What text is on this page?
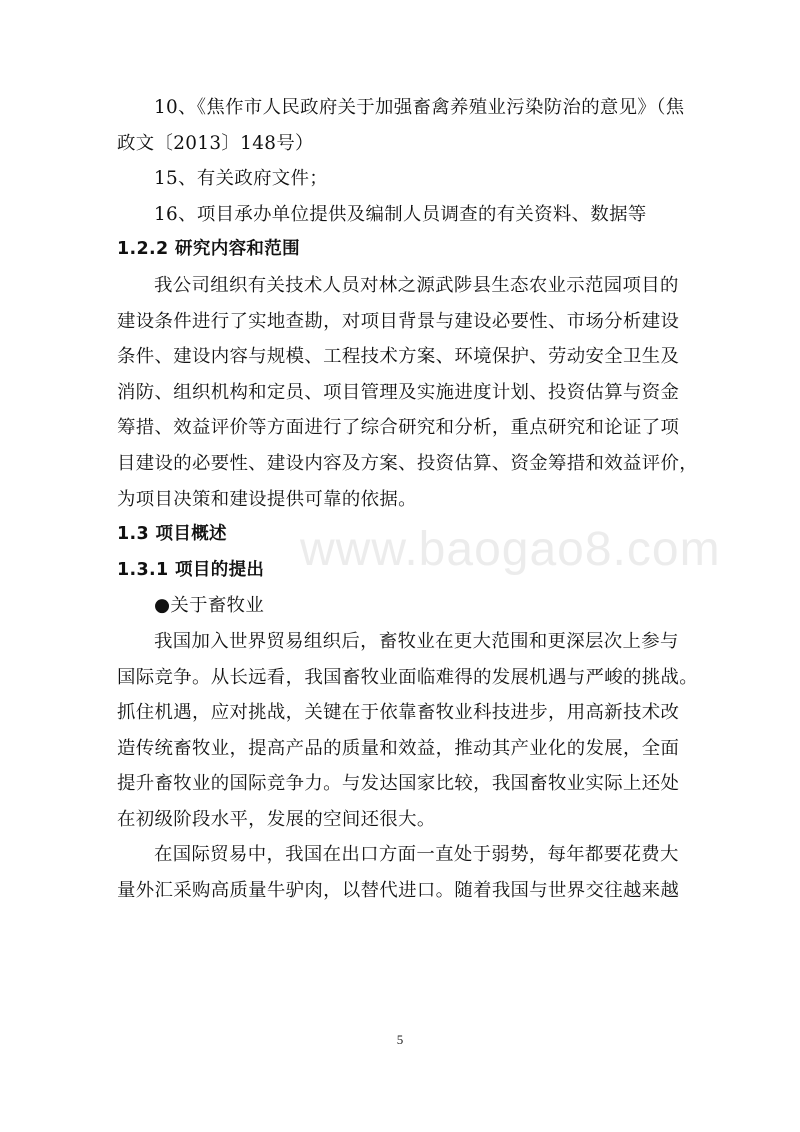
10、《焦作市人民政府关于加强畜禽养殖业污染防治的意见》（焦
政文〔2013〕148号）
15、有关政府文件；
16、项目承办单位提供及编制人员调查的有关资料、数据等
1.2.2 研究内容和范围
我公司组织有关技术人员对林之源武陟县生态农业示范园项目的
建设条件进行了实地查勘，对项目背景与建设必要性、市场分析建设
条件、建设内容与规模、工程技术方案、环境保护、劳动安全卫生及
消防、组织机构和定员、项目管理及实施进度计划、投资估算与资金
筹措、效益评价等方面进行了综合研究和分析，重点研究和论证了项
目建设的必要性、建设内容及方案、投资估算、资金筹措和效益评价，
为项目决策和建设提供可靠的依据。
1.3 项目概述
1.3.1 项目的提出
●关于畜牧业
我国加入世界贸易组织后，畜牧业在更大范围和更深层次上参与
国际竞争。从长远看，我国畜牧业面临难得的发展机遇与严峻的挑战。
抓住机遇，应对挑战，关键在于依靠畜牧业科技进步，用高新技术改
造传统畜牧业，提高产品的质量和效益，推动其产业化的发展，全面
提升畜牧业的国际竞争力。与发达国家比较，我国畜牧业实际上还处
在初级阶段水平，发展的空间还很大。
在国际贸易中，我国在出口方面一直处于弱势，每年都要花费大
量外汇采购高质量牛驴肉，以替代进口。随着我国与世界交往越来越
www.baogao8.com
5
